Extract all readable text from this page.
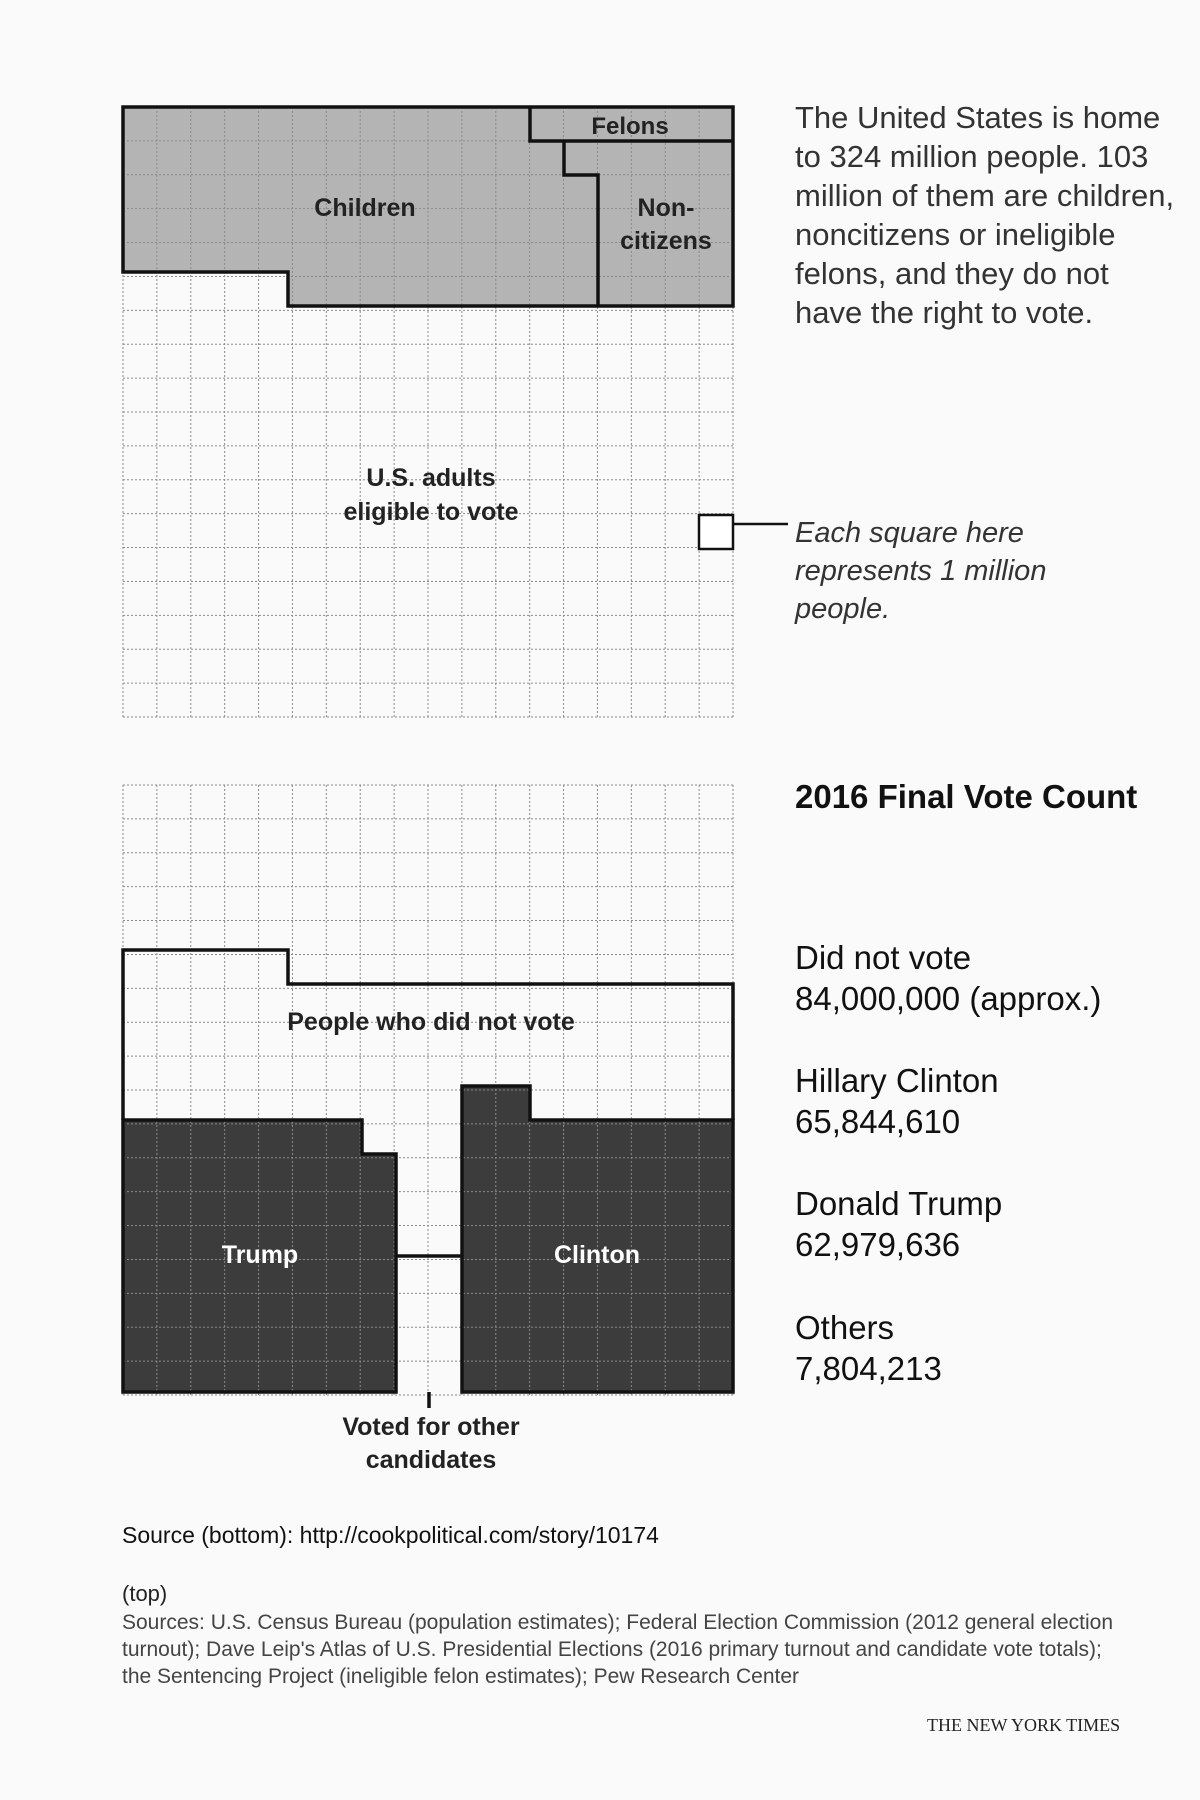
Children
Felons
Non-
citizens
U.S. adults
eligible to vote
The United States is home to 324 million people. 103 million of them are children, noncitizens or ineligible felons, and they do not have the right to vote.
Each square here represents 1 million people.
People who did not vote
Trump	Clinton
Voted for other
candidates
2016 Final Vote Count
Did not vote
84,000,000 (approx.)
Hillary Clinton
65,844,610
Donald Trump
62,979,636
Others
7,804,213
Source (bottom): http://cookpolitical.com/story/10174
(top)
Sources: U.S. Census Bureau (population estimates); Federal Election Commission (2012 general election turnout); Dave Leip's Atlas of U.S. Presidential Elections (2016 primary turnout and candidate vote totals); the Sentencing Project (ineligible felon estimates); Pew Research Center
THE NEW YORK TIMES
